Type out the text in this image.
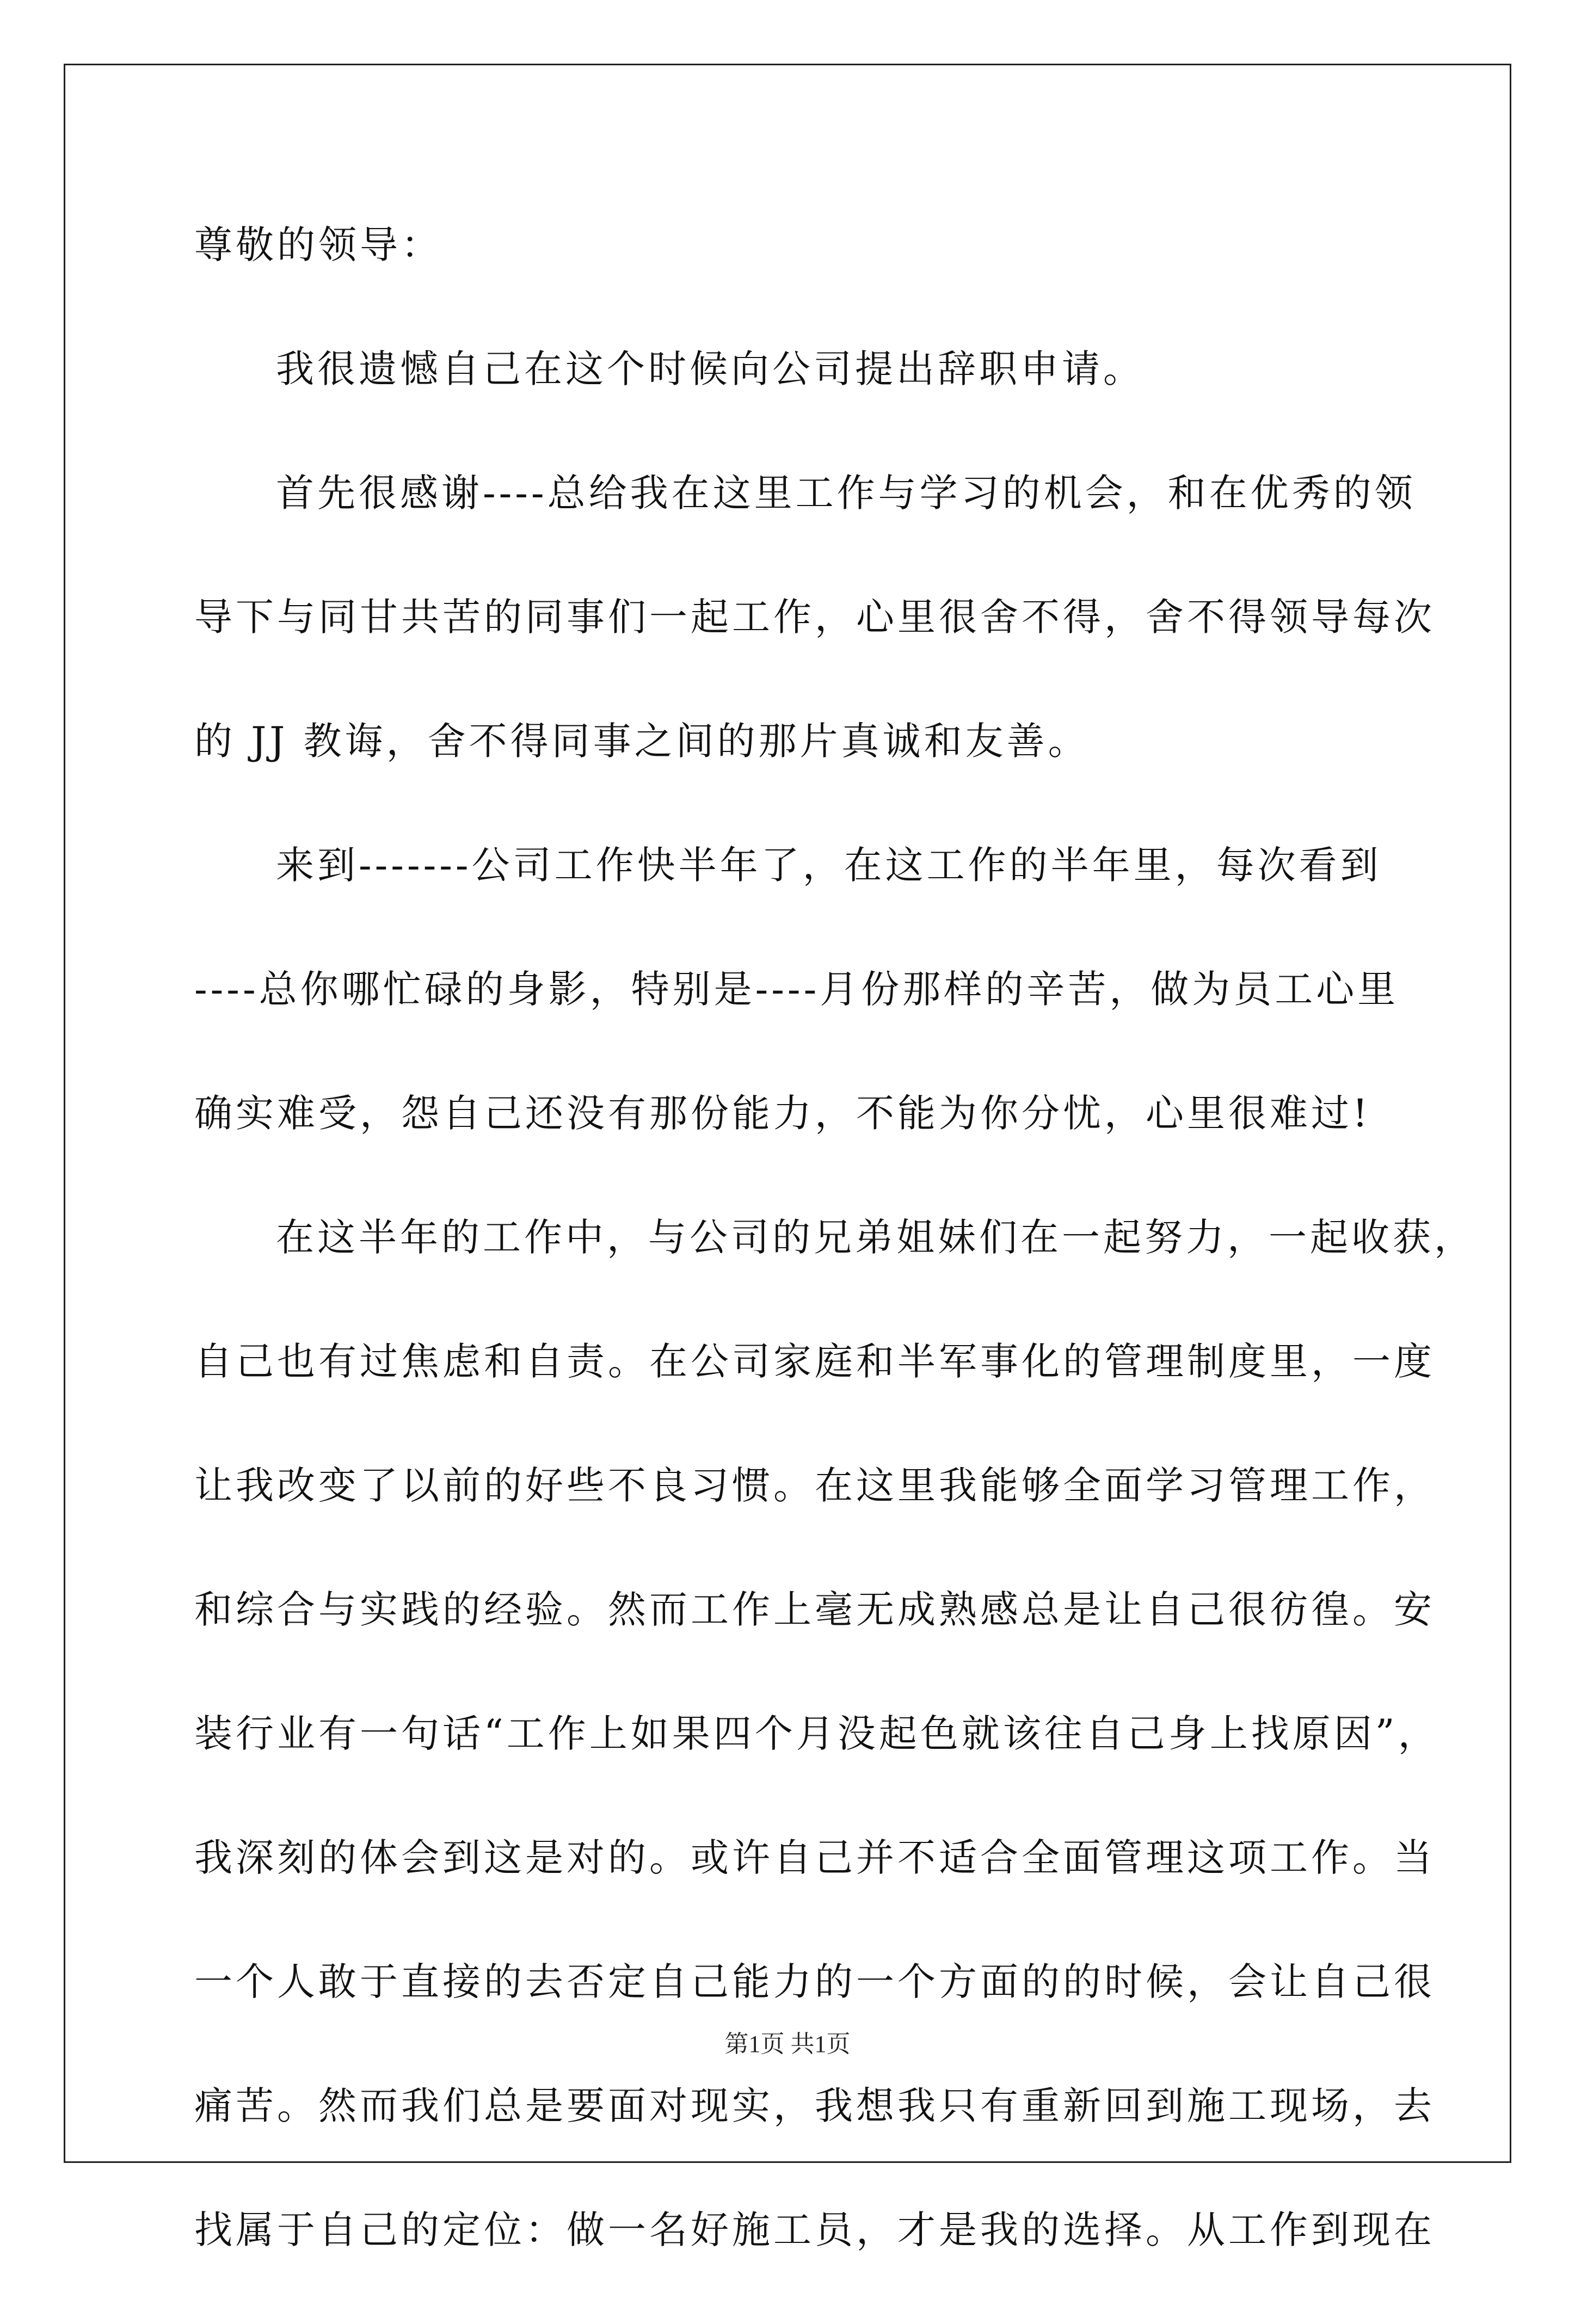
尊敬的领导：
我很遗憾自己在这个时候向公司提出辞职申请。
首先很感谢----总给我在这里工作与学习的机会，和在优秀的领
导下与同甘共苦的同事们一起工作，心里很舍不得，舍不得领导每次
的 JJ 教诲，舍不得同事之间的那片真诚和友善。
来到-------公司工作快半年了，在这工作的半年里，每次看到
----总你哪忙碌的身影，特别是----月份那样的辛苦，做为员工心里
确实难受，怨自己还没有那份能力，不能为你分忧，心里很难过!
在这半年的工作中，与公司的兄弟姐妹们在一起努力，一起收获，
自己也有过焦虑和自责。在公司家庭和半军事化的管理制度里，一度
让我改变了以前的好些不良习惯。在这里我能够全面学习管理工作，
和综合与实践的经验。然而工作上毫无成熟感总是让自己很彷徨。安
装行业有一句话“工作上如果四个月没起色就该往自己身上找原因”，
我深刻的体会到这是对的。或许自己并不适合全面管理这项工作。当
一个人敢于直接的去否定自己能力的一个方面的的时候，会让自己很
痛苦。然而我们总是要面对现实，我想我只有重新回到施工现场，去
找属于自己的定位：做一名好施工员，才是我的选择。从工作到现在
第1页 共1页
